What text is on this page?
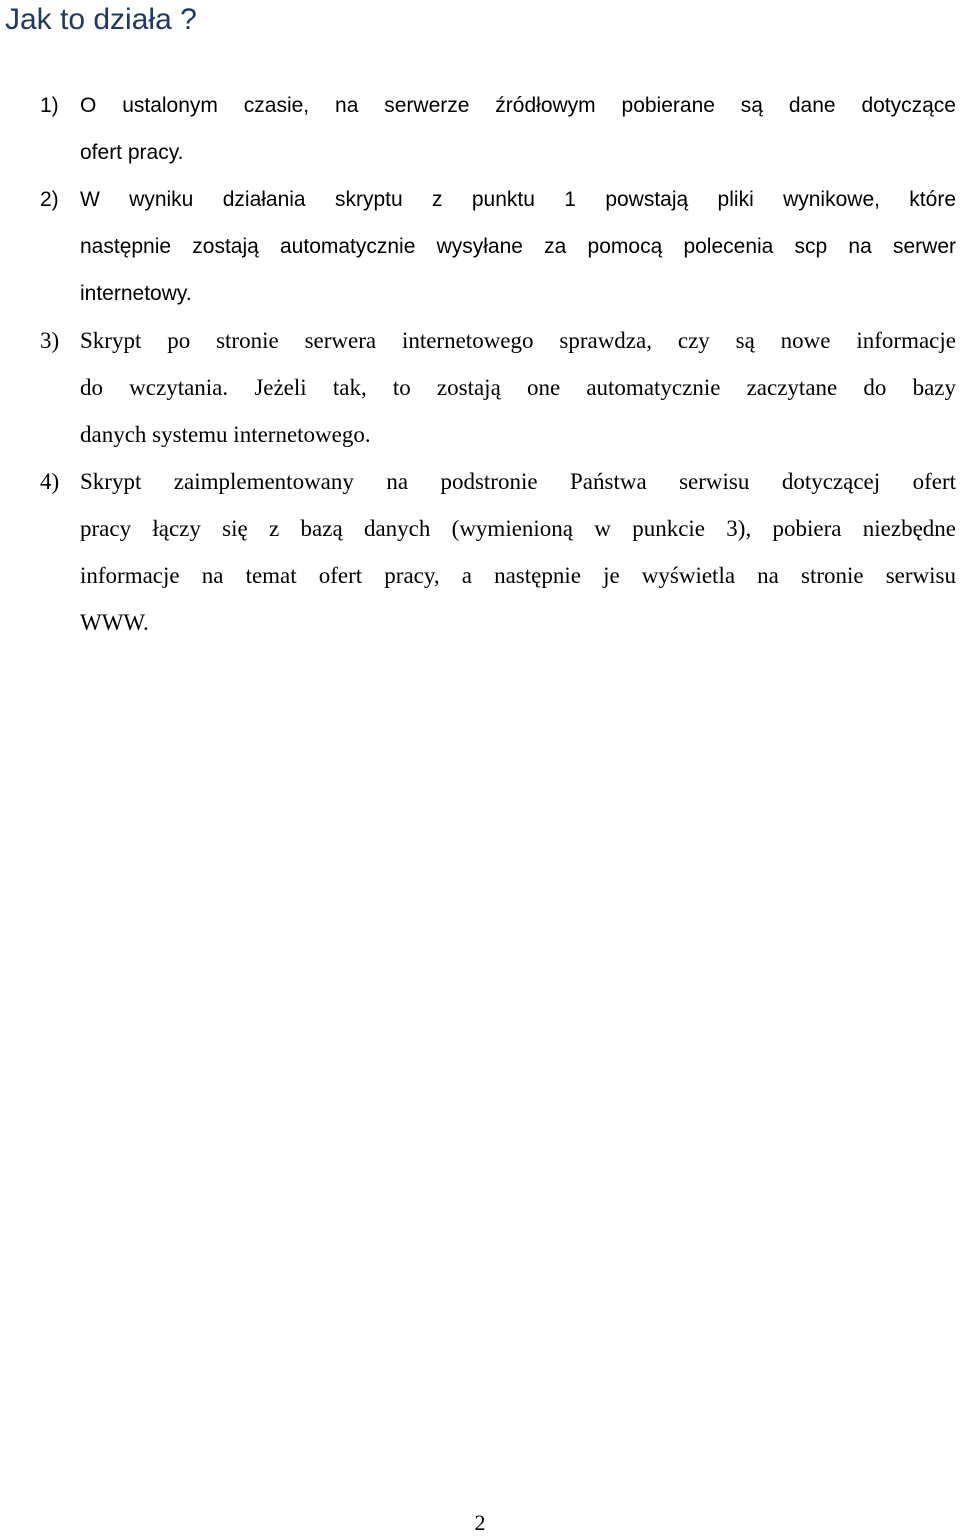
Jak to działa ?
1)	O ustalonym czasie, na serwerze źródłowym pobierane są dane dotyczące
ofert pracy.
2)	W wyniku działania skryptu z punktu 1 powstają pliki wynikowe, które
następnie zostają automatycznie wysyłane za pomocą polecenia scp na serwer
internetowy.
3) Skrypt po stronie serwera internetowego sprawdza, czy są nowe informacje
do wczytania. Jeżeli tak, to zostają one automatycznie zaczytane do bazy
danych systemu internetowego.
4) Skrypt zaimplementowany na podstronie Państwa serwisu dotyczącej ofert
pracy łączy się z bazą danych (wymienioną w punkcie 3), pobiera niezbędne
informacje na temat ofert pracy, a następnie je wyświetla na stronie serwisu
WWW.
2
